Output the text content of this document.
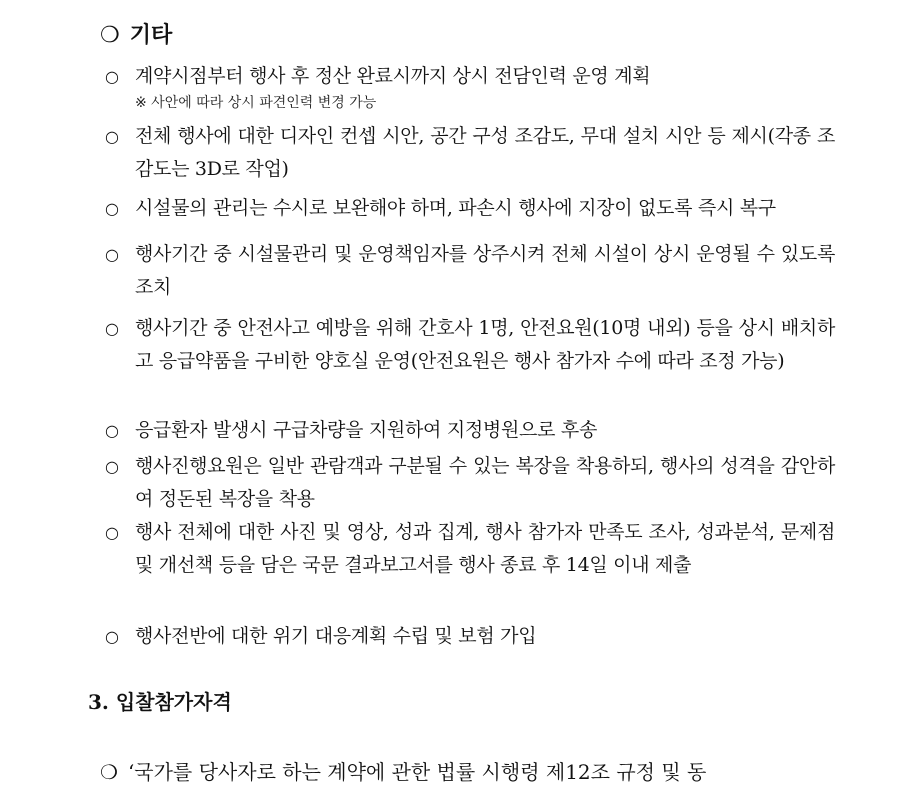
❍ 기타
○ 계약시점부터 행사 후 정산 완료시까지 상시 전담인력 운영 계획
※ 사안에 따라 상시 파견인력 변경 가능
○ 전체 행사에 대한 디자인 컨셉 시안, 공간 구성 조감도, 무대 설치 시안 등 제시(각종 조감도는 3D로 작업)
○ 시설물의 관리는 수시로 보완해야 하며, 파손시 행사에 지장이 없도록 즉시 복구
○ 행사기간 중 시설물관리 및 운영책임자를 상주시켜 전체 시설이 상시 운영될 수 있도록 조치
○ 행사기간 중 안전사고 예방을 위해 간호사 1명, 안전요원(10명 내외) 등을 상시 배치하고 응급약품을 구비한 양호실 운영(안전요원은 행사 참가자 수에 따라 조정 가능)
○ 응급환자 발생시 구급차량을 지원하여 지정병원으로 후송
○ 행사진행요원은 일반 관람객과 구분될 수 있는 복장을 착용하되, 행사의 성격을 감안하여 정돈된 복장을 착용
○ 행사 전체에 대한 사진 및 영상, 성과 집계, 행사 참가자 만족도 조사, 성과분석, 문제점 및 개선책 등을 담은 국문 결과보고서를 행사 종료 후 14일 이내 제출
○ 행사전반에 대한 위기 대응계획 수립 및 보험 가입
3. 입찰참가자격
❍ ‘국가를 당사자로 하는 계약에 관한 법률 시행령 제12조 규정 및 동
